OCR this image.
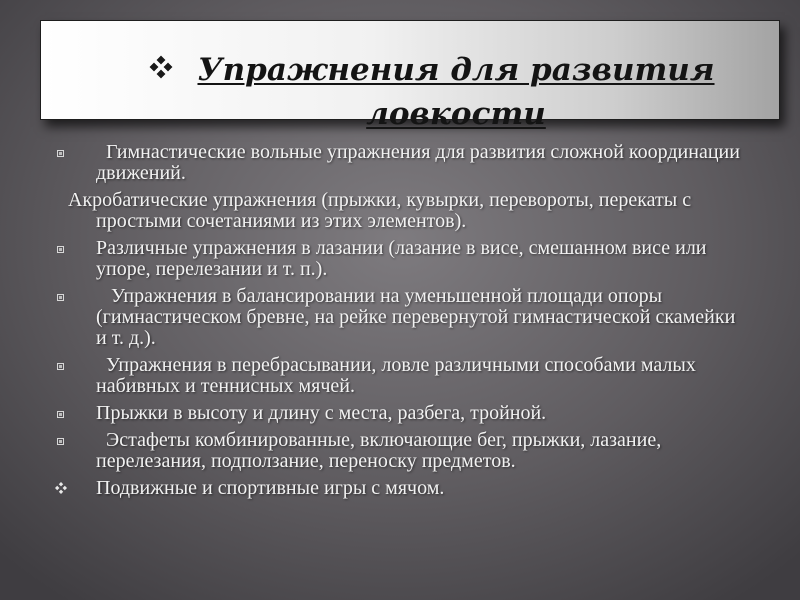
Упражнения для развития
ловкости
Гимнастические вольные упражнения для развития сложной координации движений.
Акробатические упражнения (прыжки, кувырки, перевороты, перекаты с простыми сочетаниями из этих элементов).
Различные упражнения в лазании (лазание в висе, смешанном висе или упоре, перелезании и т. п.).
Упражнения в балансировании на уменьшенной площади опоры (гимнастическом бревне, на рейке перевернутой гимнастической скамейки и т. д.).
Упражнения в перебрасывании, ловле различными способами малых набивных и теннисных мячей.
Прыжки в высоту и длину с места, разбега, тройной.
Эстафеты комбинированные, включающие бег, прыжки, лазание, перелезания, подползание, переноску предметов.
Подвижные и спортивные игры с мячом.
